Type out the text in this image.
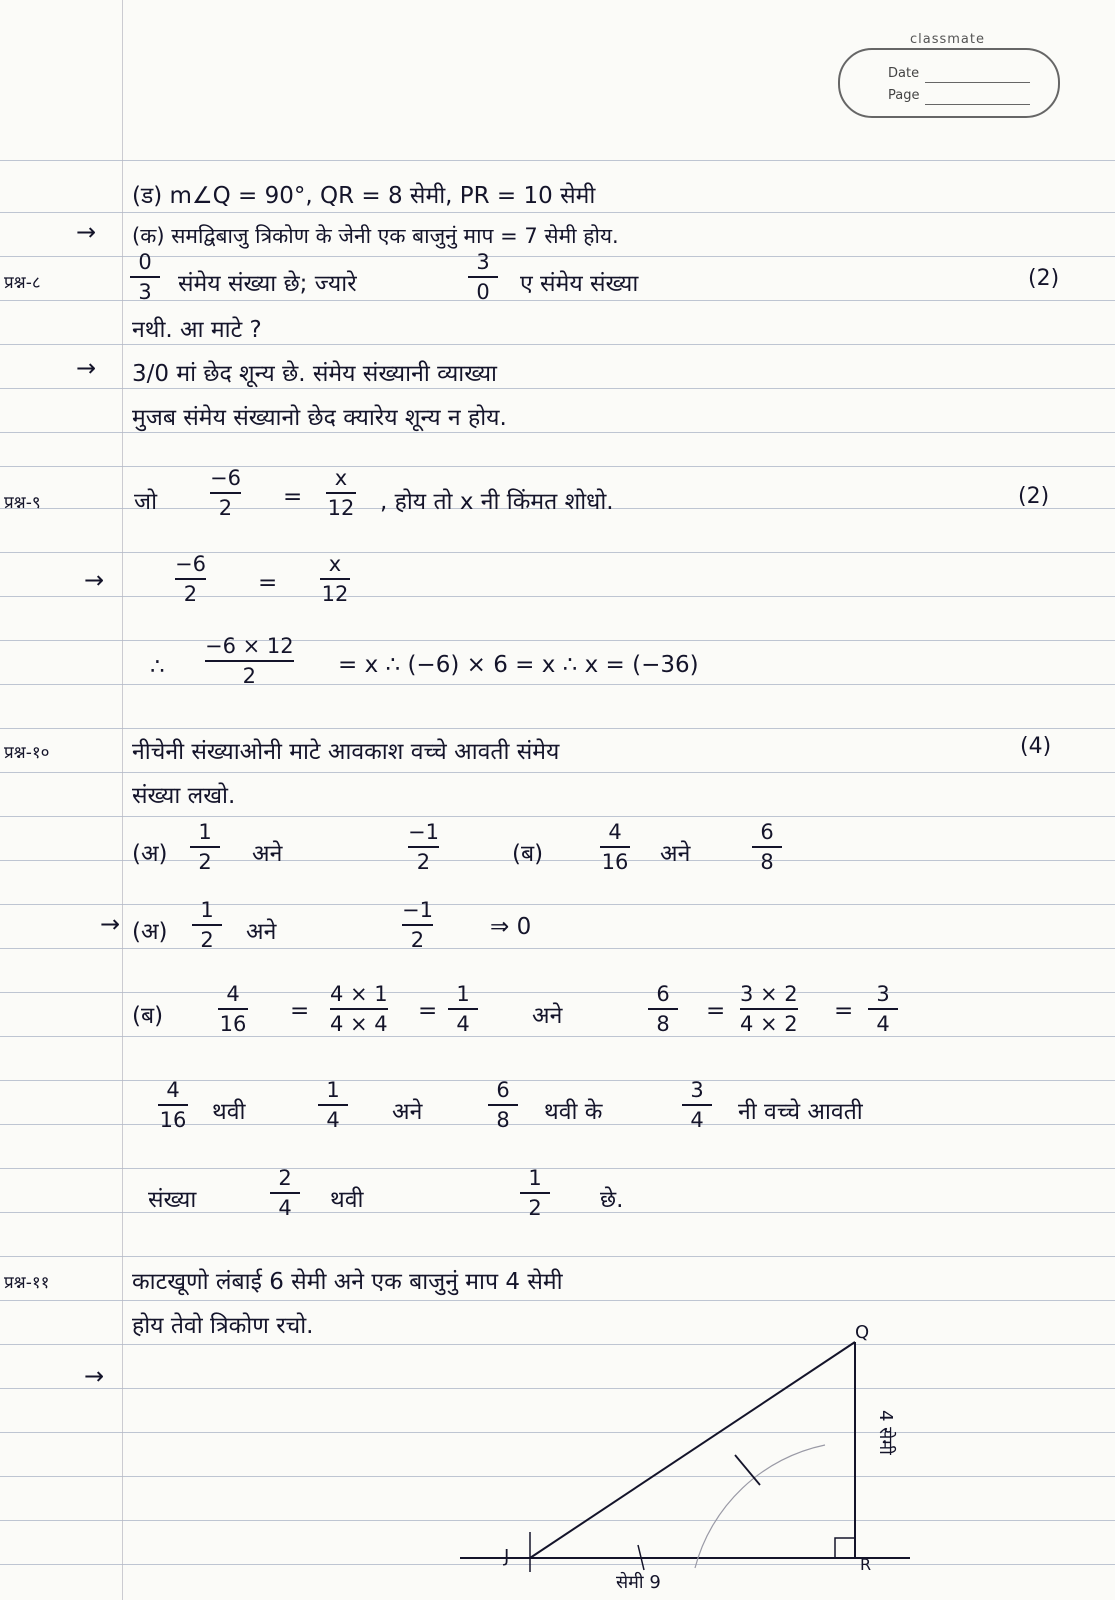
classmate
Date
Page
(ड) m∠Q = 90°, QR = 8 सेमी, PR = 10 सेमी
→ (क) समद्विबाजु त्रिकोण के जेनी एक बाजुनुं माप = 7 सेमी होय.
प्रश्न-८
0
3 संमेय संख्या छे; ज्यारे
3
0 ए संमेय संख्या	(2)
नथी. आ माटे ?
→ 3/0 मां छेद शून्य छे. संमेय संख्यानी व्याख्या
मुजब संमेय संख्यानो छेद क्यारेय शून्य न होय.
प्रश्न-९	जो
−6
2 =
x
12 , होय तो x नी किंमत शोधो.	(2)
→
−6
2	=
x
12
∴
−6 × 12
2	= x ∴ (−6) × 6 = x ∴ x = (−36)
प्रश्न-१०	नीचेनी संख्याओनी माटे आवकाश वच्चे आवती संमेय	(4)
संख्या लखो.
(अ)
1
2 अने
−1
2	(ब)
4
16 अने
6
8
→ (अ)
1
2 अने
−1
2	⇒ 0
(ब)
4
16 =
4 × 1
4 × 4 =
1
4	अने
6
8 =
3 × 2
4 × 2 =
3
4
4
16 थवी
1
4 अने
6
8 थवी के
3
4 नी वच्चे आवती
संख्या
2
4 थवी
1
2	छे.
प्रश्न-११	काटखूणो लंबाई 6 सेमी अने एक बाजुनुं माप 4 सेमी
होय तेवो त्रिकोण रचो.
→
Q
J	R
4 सेमी
सेमी 9
